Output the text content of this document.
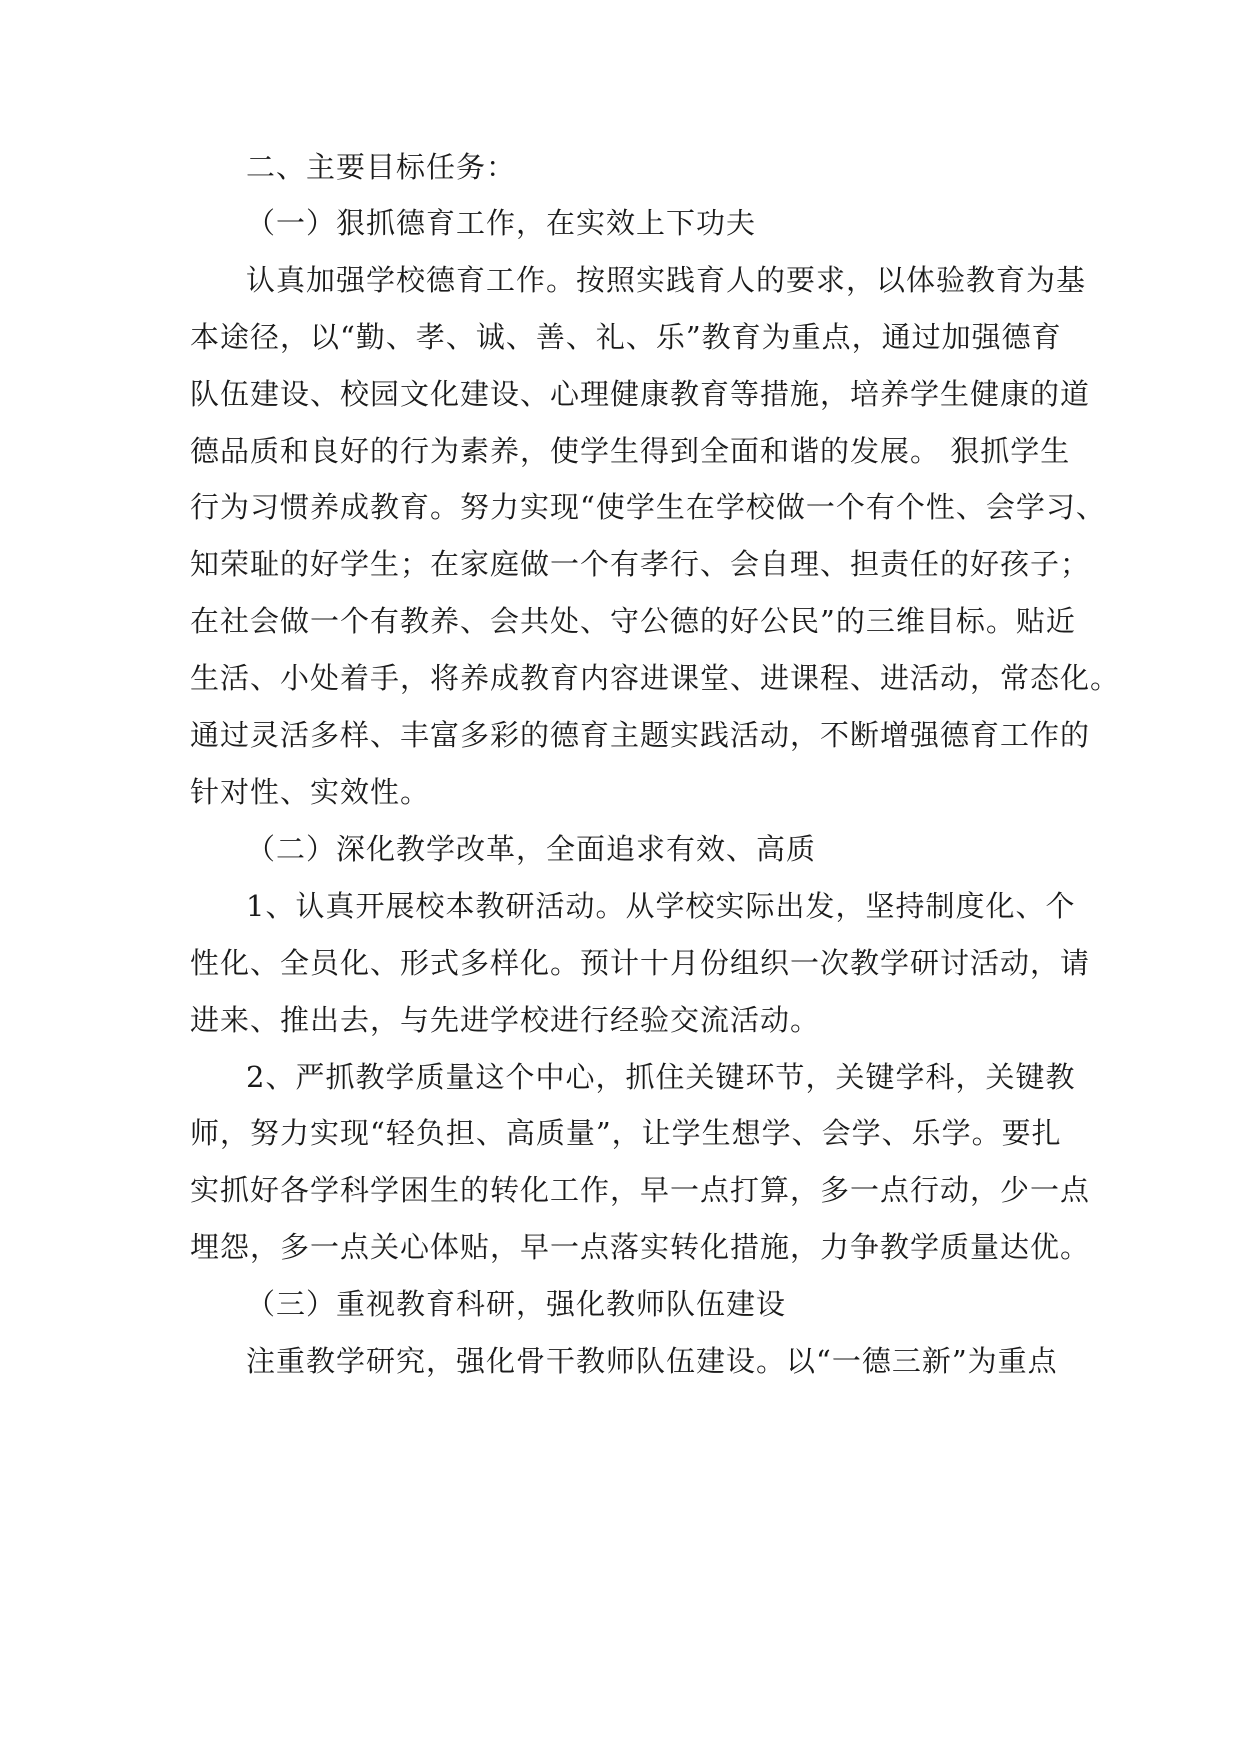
二、主要目标任务：
（一）狠抓德育工作，在实效上下功夫
认真加强学校德育工作。按照实践育人的要求，以体验教育为基
本途径，以“勤、孝、诚、善、礼、乐”教育为重点，通过加强德育
队伍建设、校园文化建设、心理健康教育等措施，培养学生健康的道
德品质和良好的行为素养，使学生得到全面和谐的发展。 狠抓学生
行为习惯养成教育。努力实现“使学生在学校做一个有个性、会学习、
知荣耻的好学生；在家庭做一个有孝行、会自理、担责任的好孩子；
在社会做一个有教养、会共处、守公德的好公民”的三维目标。贴近
生活、小处着手，将养成教育内容进课堂、进课程、进活动，常态化。
通过灵活多样、丰富多彩的德育主题实践活动，不断增强德育工作的
针对性、实效性。
（二）深化教学改革，全面追求有效、高质
1、认真开展校本教研活动。从学校实际出发，坚持制度化、个
性化、全员化、形式多样化。预计十月份组织一次教学研讨活动，请
进来、推出去，与先进学校进行经验交流活动。
2、严抓教学质量这个中心，抓住关键环节，关键学科，关键教
师，努力实现“轻负担、高质量”，让学生想学、会学、乐学。要扎
实抓好各学科学困生的转化工作，早一点打算，多一点行动，少一点
埋怨，多一点关心体贴，早一点落实转化措施，力争教学质量达优。
（三）重视教育科研，强化教师队伍建设
注重教学研究，强化骨干教师队伍建设。以“一德三新”为重点
